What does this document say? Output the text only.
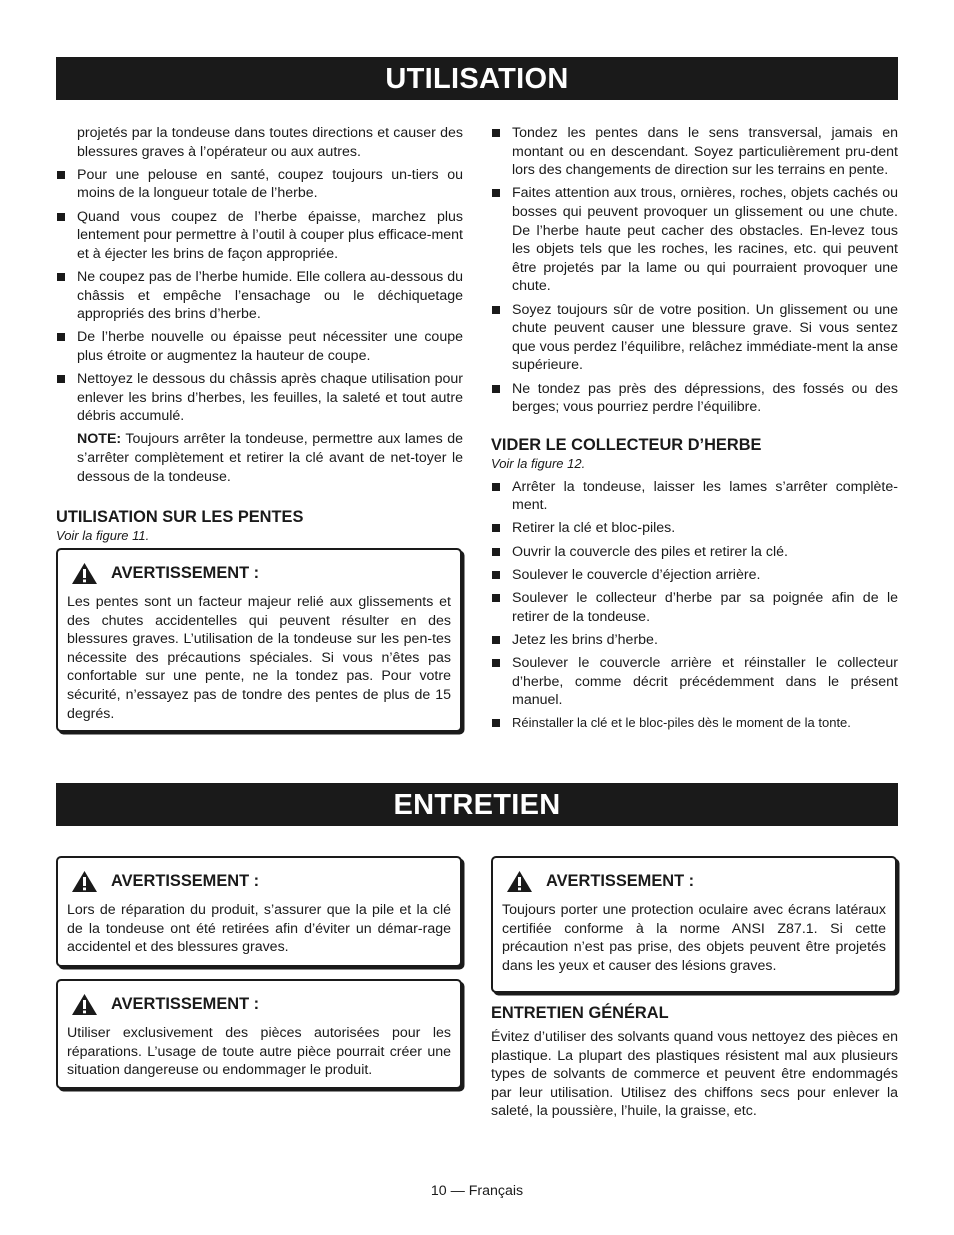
UTILISATION

projetés par la tondeuse dans toutes directions et causer des blessures graves à l’opérateur ou aux autres.

Pour une pelouse en santé, coupez toujours un-tiers ou moins de la longueur totale de l’herbe.
Quand vous coupez de l’herbe épaisse, marchez plus lentement pour permettre à l’outil à couper plus efficace-ment et à éjecter les brins de façon appropriée.
Ne coupez pas de l’herbe humide. Elle collera au-dessous du châssis et empêche l’ensachage ou le déchiquetage appropriés des brins d’herbe.
De l’herbe nouvelle ou épaisse peut nécessiter une coupe plus étroite or augmentez la hauteur de coupe.
Nettoyez le dessous du châssis après chaque utilisation pour enlever les brins d’herbes, les feuilles, la saleté et tout autre débris accumulé.

NOTE: Toujours arrêter la tondeuse, permettre aux lames de s’arrêter complètement et retirer la clé avant de net-toyer le dessous de la tondeuse.

UTILISATION SUR LES PENTES

Voir la figure 11.

AVERTISSEMENT :

Les pentes sont un facteur majeur relié aux glissements et des chutes accidentelles qui peuvent résulter en des blessures graves. L’utilisation de la tondeuse sur les pen-tes nécessite des précautions spéciales. Si vous n’êtes pas confortable sur une pente, ne la tondez pas. Pour votre sécurité, n’essayez pas de tondre des pentes de plus de 15 degrés.

Tondez les pentes dans le sens transversal, jamais en montant ou en descendant. Soyez particulièrement pru-dent lors des changements de direction sur les terrains en pente.
Faites attention aux trous, ornières, roches, objets cachés ou bosses qui peuvent provoquer un glissement ou une chute. De l’herbe haute peut cacher des obstacles. En-levez tous les objets tels que les roches, les racines, etc. qui peuvent être projetés par la lame ou qui pourraient provoquer une chute.
Soyez toujours sûr de votre position. Un glissement ou une chute peuvent causer une blessure grave. Si vous sentez que vous perdez l’équilibre, relâchez immédiate-ment la anse supérieure.
Ne tondez pas près des dépressions, des fossés ou des berges; vous pourriez perdre l’équilibre.

VIDER LE COLLECTEUR D’HERBE

Voir la figure 12.

Arrêter la tondeuse, laisser les lames s’arrêter complète-ment.
Retirer la clé et bloc-piles.
Ouvrir la couvercle des piles et retirer la clé.
Soulever le couvercle d’éjection arrière.
Soulever le collecteur d’herbe par sa poignée afin de le retirer de la tondeuse.
Jetez les brins d’herbe.
Soulever le couvercle arrière et réinstaller le collecteur d’herbe, comme décrit précédemment dans le présent manuel.
Réinstaller la clé et le bloc-piles dès le moment de la tonte.
ENTRETIEN
AVERTISSEMENT :

Lors de réparation du produit, s’assurer que la pile et la clé de la tondeuse ont été retirées afin d’éviter un démar-rage accidentel et des blessures graves.

AVERTISSEMENT :

Utiliser exclusivement des pièces autorisées pour les réparations. L’usage de toute autre pièce pourrait créer une situation dangereuse ou endommager le produit.

AVERTISSEMENT :

Toujours porter une protection oculaire avec écrans latéraux certifiée conforme à la norme ANSI Z87.1. Si cette précaution n’est pas prise, des objets peuvent être projetés dans les yeux et causer des lésions graves.

ENTRETIEN GÉNÉRAL

Évitez d’utiliser des solvants quand vous nettoyez des pièces en plastique. La plupart des plastiques résistent mal aux plusieurs types de solvants de commerce et peuvent être endommagés par leur utilisation. Utilisez des chiffons secs pour enlever la saleté, la poussière, l’huile, la graisse, etc.

10 — Français
